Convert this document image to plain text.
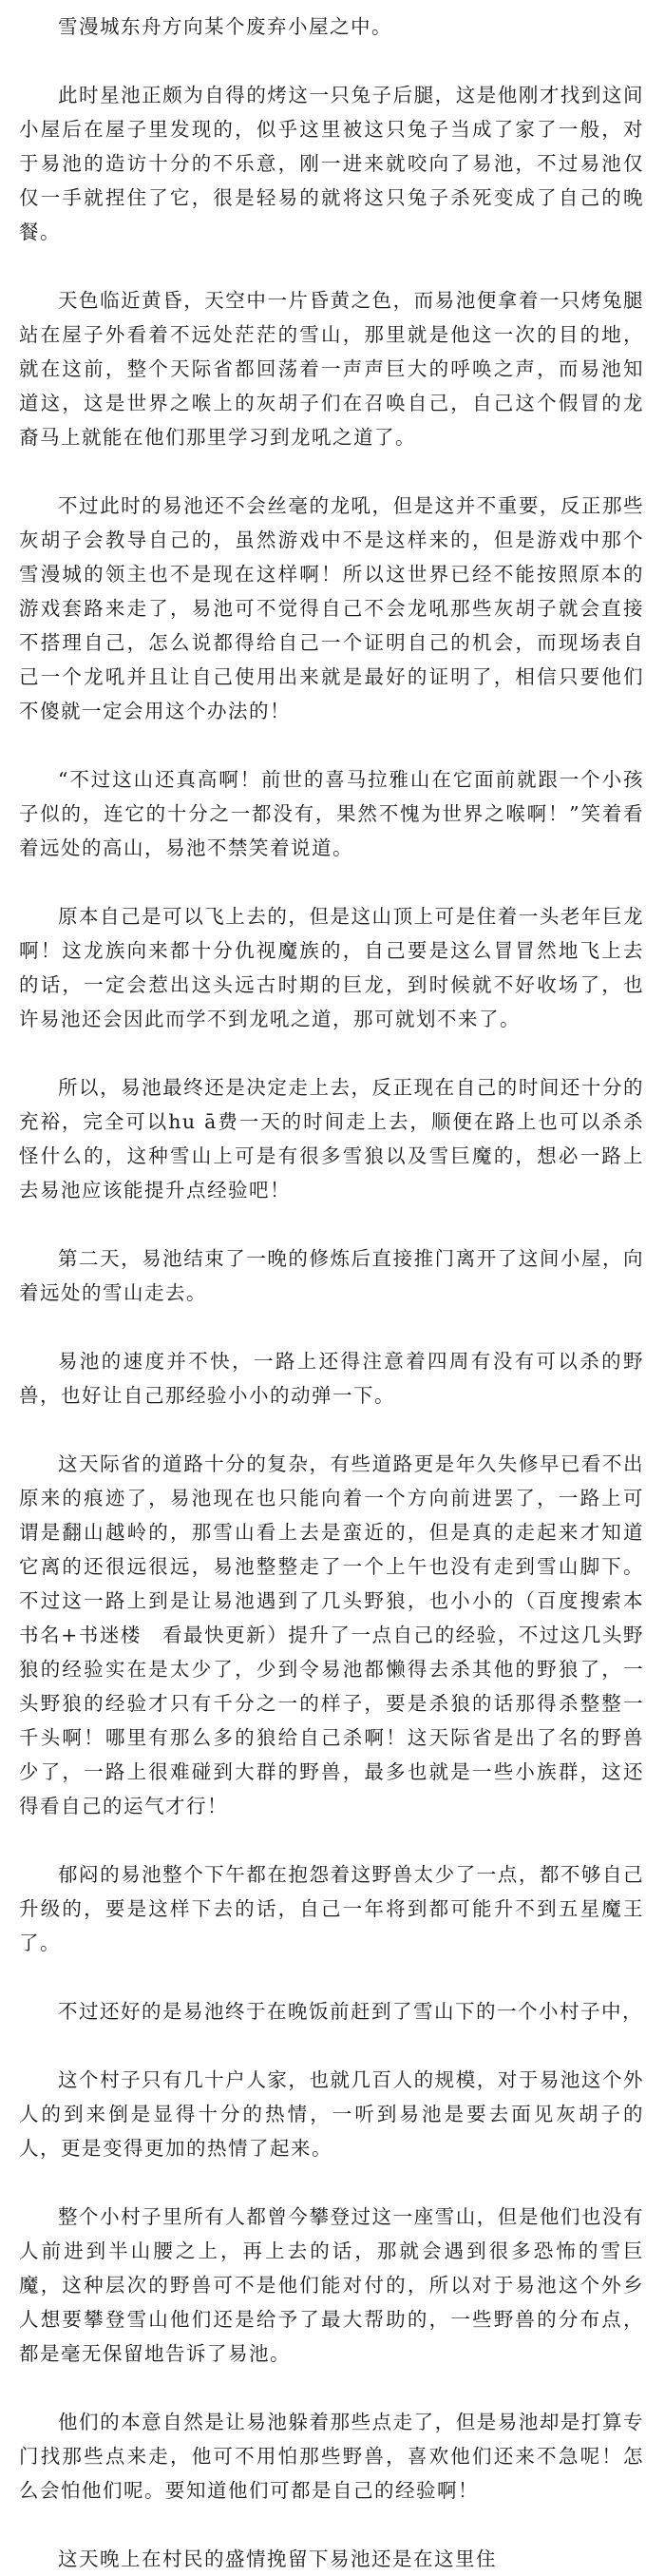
雪漫城东舟方向某个废弃小屋之中。

此时星池正颇为自得的烤这一只兔子后腿，这是他刚才找到这间小屋后在屋子里发现的，似乎这里被这只兔子当成了家了一般，对于易池的造访十分的不乐意，刚一进来就咬向了易池，不过易池仅仅一手就捏住了它，很是轻易的就将这只兔子杀死变成了自己的晚餐。

天色临近黄昏，天空中一片昏黄之色，而易池便拿着一只烤兔腿站在屋子外看着不远处茫茫的雪山，那里就是他这一次的目的地，就在这前，整个天际省都回荡着一声声巨大的呼唤之声，而易池知道这，这是世界之喉上的灰胡子们在召唤自己，自己这个假冒的龙裔马上就能在他们那里学习到龙吼之道了。

不过此时的易池还不会丝毫的龙吼，但是这并不重要，反正那些灰胡子会教导自己的，虽然游戏中不是这样来的，但是游戏中那个雪漫城的领主也不是现在这样啊！所以这世界已经不能按照原本的游戏套路来走了，易池可不觉得自己不会龙吼那些灰胡子就会直接不搭理自己，怎么说都得给自己一个证明自己的机会，而现场表自己一个龙吼并且让自己使用出来就是最好的证明了，相信只要他们不傻就一定会用这个办法的！

“不过这山还真高啊！前世的喜马拉雅山在它面前就跟一个小孩子似的，连它的十分之一都没有，果然不愧为世界之喉啊！”笑着看着远处的高山，易池不禁笑着说道。

原本自己是可以飞上去的，但是这山顶上可是住着一头老年巨龙啊！这龙族向来都十分仇视魔族的，自己要是这么冒冒然地飞上去的话，一定会惹出这头远古时期的巨龙，到时候就不好收场了，也许易池还会因此而学不到龙吼之道，那可就划不来了。

所以，易池最终还是决定走上去，反正现在自己的时间还十分的充裕，完全可以hu ā费一天的时间走上去，顺便在路上也可以杀杀怪什么的，这种雪山上可是有很多雪狼以及雪巨魔的，想必一路上去易池应该能提升点经验吧！

第二天，易池结束了一晚的修炼后直接推门离开了这间小屋，向着远处的雪山走去。

易池的速度并不快，一路上还得注意着四周有没有可以杀的野兽，也好让自己那经验小小的动弹一下。

这天际省的道路十分的复杂，有些道路更是年久失修早已看不出原来的痕迹了，易池现在也只能向着一个方向前进罢了，一路上可谓是翻山越岭的，那雪山看上去是蛮近的，但是真的走起来才知道它离的还很远很远，易池整整走了一个上午也没有走到雪山脚下。不过这一路上到是让易池遇到了几头野狼，也小小的（百度搜索本书名+书迷楼　看最快更新）提升了一点自己的经验，不过这几头野狼的经验实在是太少了，少到令易池都懒得去杀其他的野狼了，一头野狼的经验才只有千分之一的样子，要是杀狼的话那得杀整整一千头啊！哪里有那么多的狼给自己杀啊！这天际省是出了名的野兽少了，一路上很难碰到大群的野兽，最多也就是一些小族群，这还得看自己的运气才行！

郁闷的易池整个下午都在抱怨着这野兽太少了一点，都不够自己升级的，要是这样下去的话，自己一年将到都可能升不到五星魔王了。

不过还好的是易池终于在晚饭前赶到了雪山下的一个小村子中，

这个村子只有几十户人家，也就几百人的规模，对于易池这个外人的到来倒是显得十分的热情，一听到易池是要去面见灰胡子的人，更是变得更加的热情了起来。

整个小村子里所有人都曾今攀登过这一座雪山，但是他们也没有人前进到半山腰之上，再上去的话，那就会遇到很多恐怖的雪巨魔，这种层次的野兽可不是他们能对付的，所以对于易池这个外乡人想要攀登雪山他们还是给予了最大帮助的，一些野兽的分布点，都是毫无保留地告诉了易池。

他们的本意自然是让易池躲着那些点走了，但是易池却是打算专门找那些点来走，他可不用怕那些野兽，喜欢他们还来不急呢！怎么会怕他们呢。要知道他们可都是自己的经验啊！

这天晚上在村民的盛情挽留下易池还是在这里住
